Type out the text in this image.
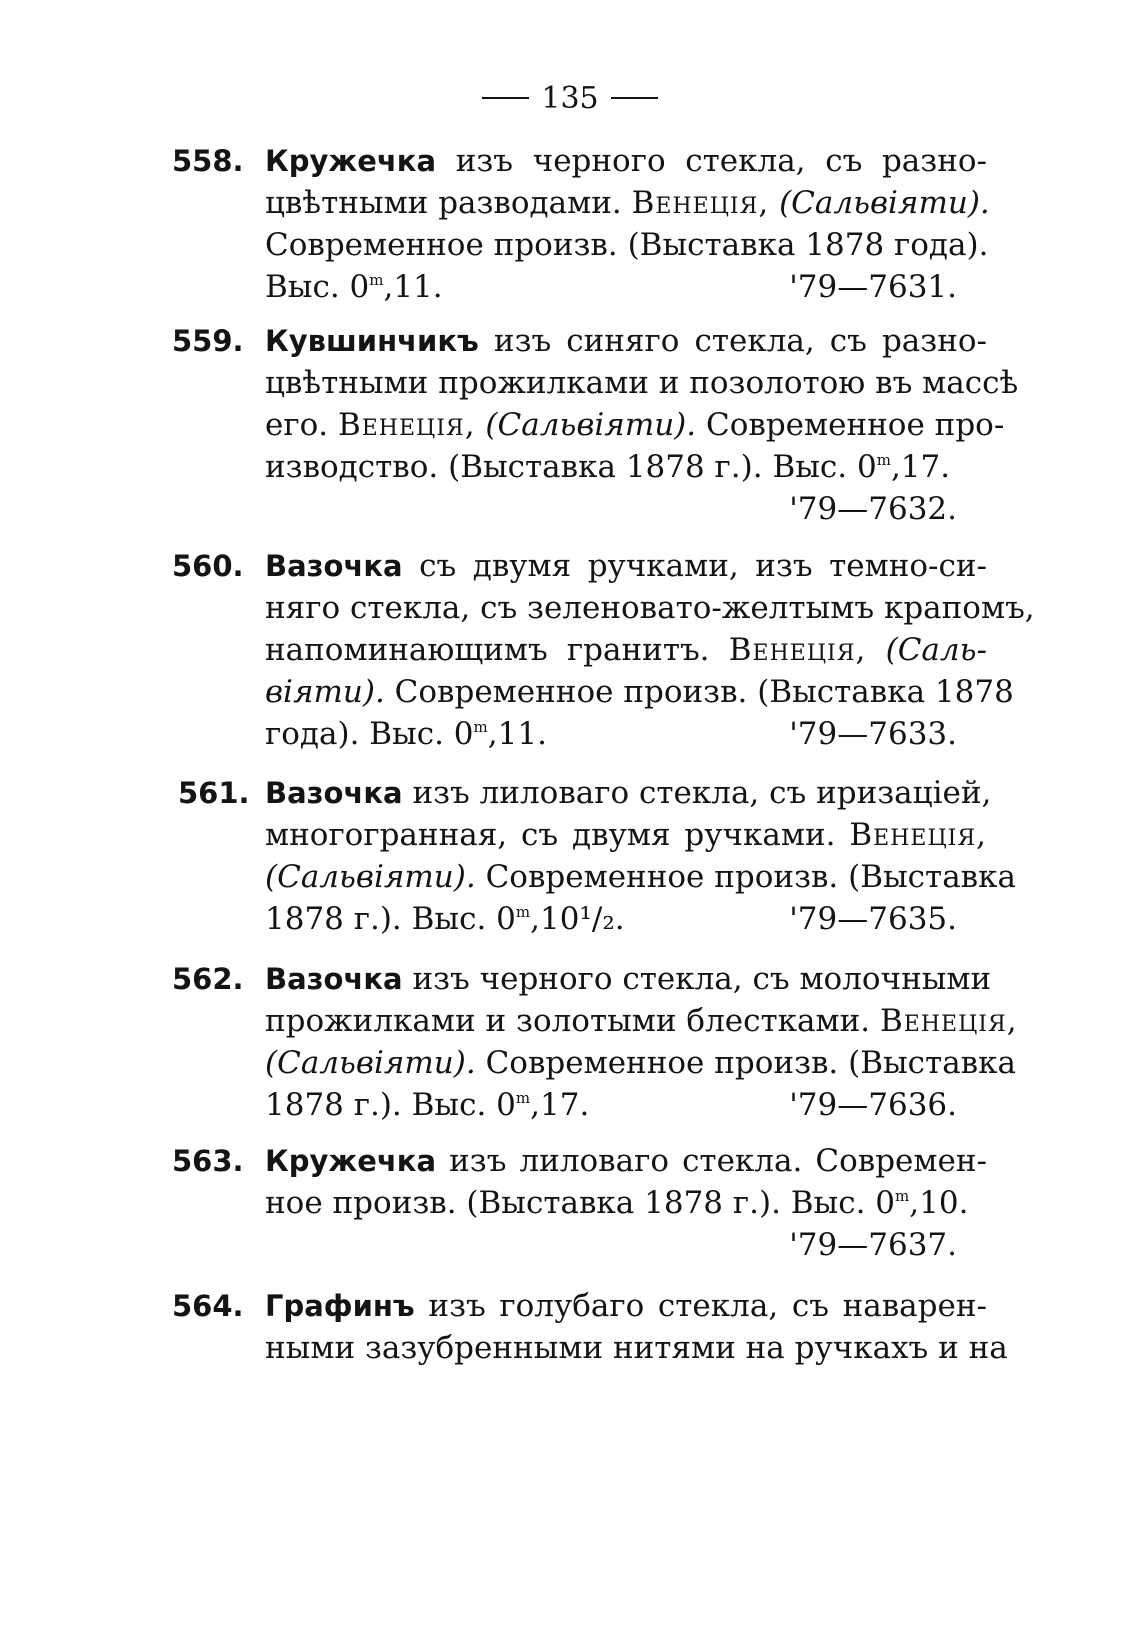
135
558. Кружечка изъ черного стекла, съ разно-
цвѣтными разводами. Венеція, (Сальвіяти).
Современное произв. (Выставка 1878 года).
Выс. 0$^m$,11.	'79—7631.
559. Кувшинчикъ изъ синяго стекла, съ разно-
цвѣтными прожилками и позолотою въ массѣ
его. Венеція, (Сальвіяти). Современное про-
изводство. (Выставка 1878 г.). Выс. 0$^m$,17.
'79—7632.
560. Вазочка съ двумя ручками, изъ темно-си-
няго стекла, съ зеленовато-желтымъ крапомъ,
напоминающимъ гранитъ. Венеція, (Саль-
віяти). Современное произв. (Выставка 1878
года). Выс. 0$^m$,11.	'79—7633.
561. Вазочка изъ лиловаго стекла, съ иризаціей,
многогранная, съ двумя ручками. Венеція,
(Сальвіяти). Современное произв. (Выставка
1878 г.). Выс. 0$^m$,10¹/₂.	'79—7635.
562. Вазочка изъ черного стекла, съ молочными
прожилками и золотыми блестками. Венеція,
(Сальвіяти). Современное произв. (Выставка
1878 г.). Выс. 0$^m$,17.	'79—7636.
563. Кружечка изъ лиловаго стекла. Современ-
ное произв. (Выставка 1878 г.). Выс. 0$^m$,10.
'79—7637.
564. Графинъ изъ голубаго стекла, съ наварен-
ными зазубренными нитями на ручкахъ и на
